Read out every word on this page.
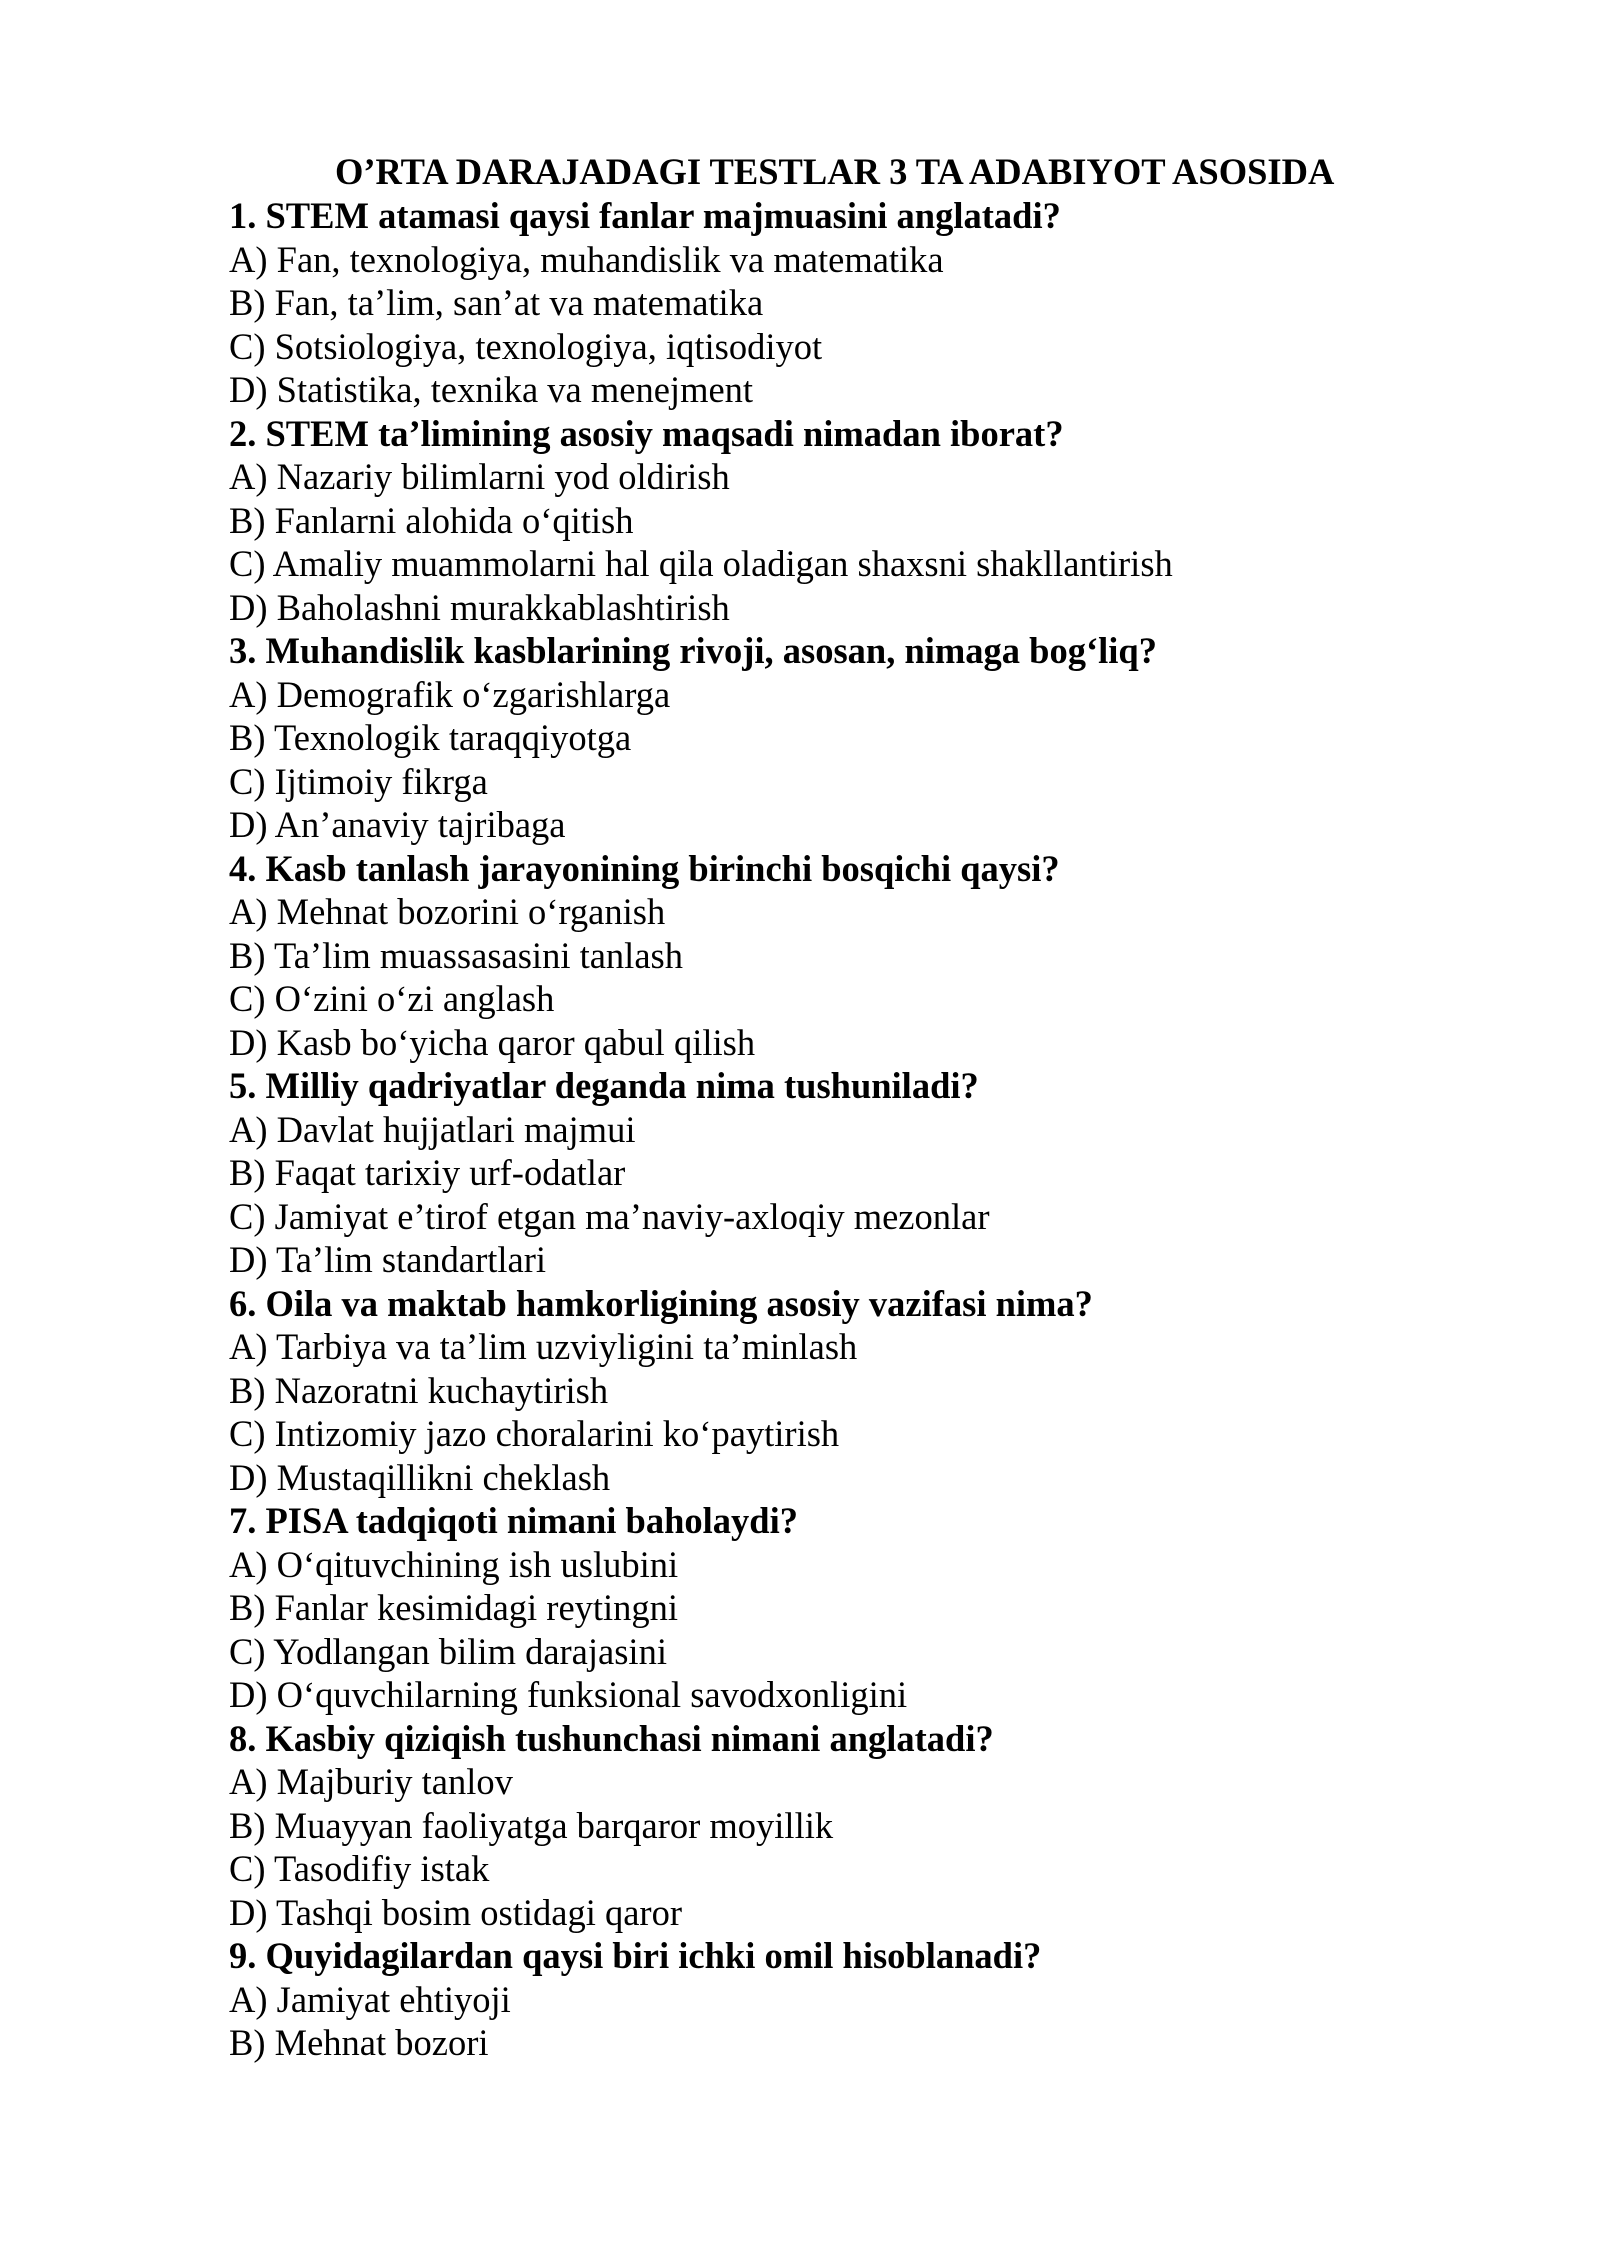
O’RTA DARAJADAGI TESTLAR 3 TA ADABIYOT ASOSIDA

1. STEM atamasi qaysi fanlar majmuasini anglatadi?

A) Fan, texnologiya, muhandislik va matematika

B) Fan, ta’lim, san’at va matematika

C) Sotsiologiya, texnologiya, iqtisodiyot

D) Statistika, texnika va menejment

2. STEM ta’limining asosiy maqsadi nimadan iborat?

A) Nazariy bilimlarni yod oldirish

B) Fanlarni alohida o‘qitish

C) Amaliy muammolarni hal qila oladigan shaxsni shakllantirish

D) Baholashni murakkablashtirish

3. Muhandislik kasblarining rivoji, asosan, nimaga bog‘liq?

A) Demografik o‘zgarishlarga

B) Texnologik taraqqiyotga

C) Ijtimoiy fikrga

D) An’anaviy tajribaga

4. Kasb tanlash jarayonining birinchi bosqichi qaysi?

A) Mehnat bozorini o‘rganish

B) Ta’lim muassasasini tanlash

C) O‘zini o‘zi anglash

D) Kasb bo‘yicha qaror qabul qilish

5. Milliy qadriyatlar deganda nima tushuniladi?

A) Davlat hujjatlari majmui

B) Faqat tarixiy urf-odatlar

C) Jamiyat e’tirof etgan ma’naviy-axloqiy mezonlar

D) Ta’lim standartlari

6. Oila va maktab hamkorligining asosiy vazifasi nima?

A) Tarbiya va ta’lim uzviyligini ta’minlash

B) Nazoratni kuchaytirish

C) Intizomiy jazo choralarini ko‘paytirish

D) Mustaqillikni cheklash

7. PISA tadqiqoti nimani baholaydi?

A) O‘qituvchining ish uslubini

B) Fanlar kesimidagi reytingni

C) Yodlangan bilim darajasini

D) O‘quvchilarning funksional savodxonligini

8. Kasbiy qiziqish tushunchasi nimani anglatadi?

A) Majburiy tanlov

B) Muayyan faoliyatga barqaror moyillik

C) Tasodifiy istak

D) Tashqi bosim ostidagi qaror

9. Quyidagilardan qaysi biri ichki omil hisoblanadi?

A) Jamiyat ehtiyoji

B) Mehnat bozori
